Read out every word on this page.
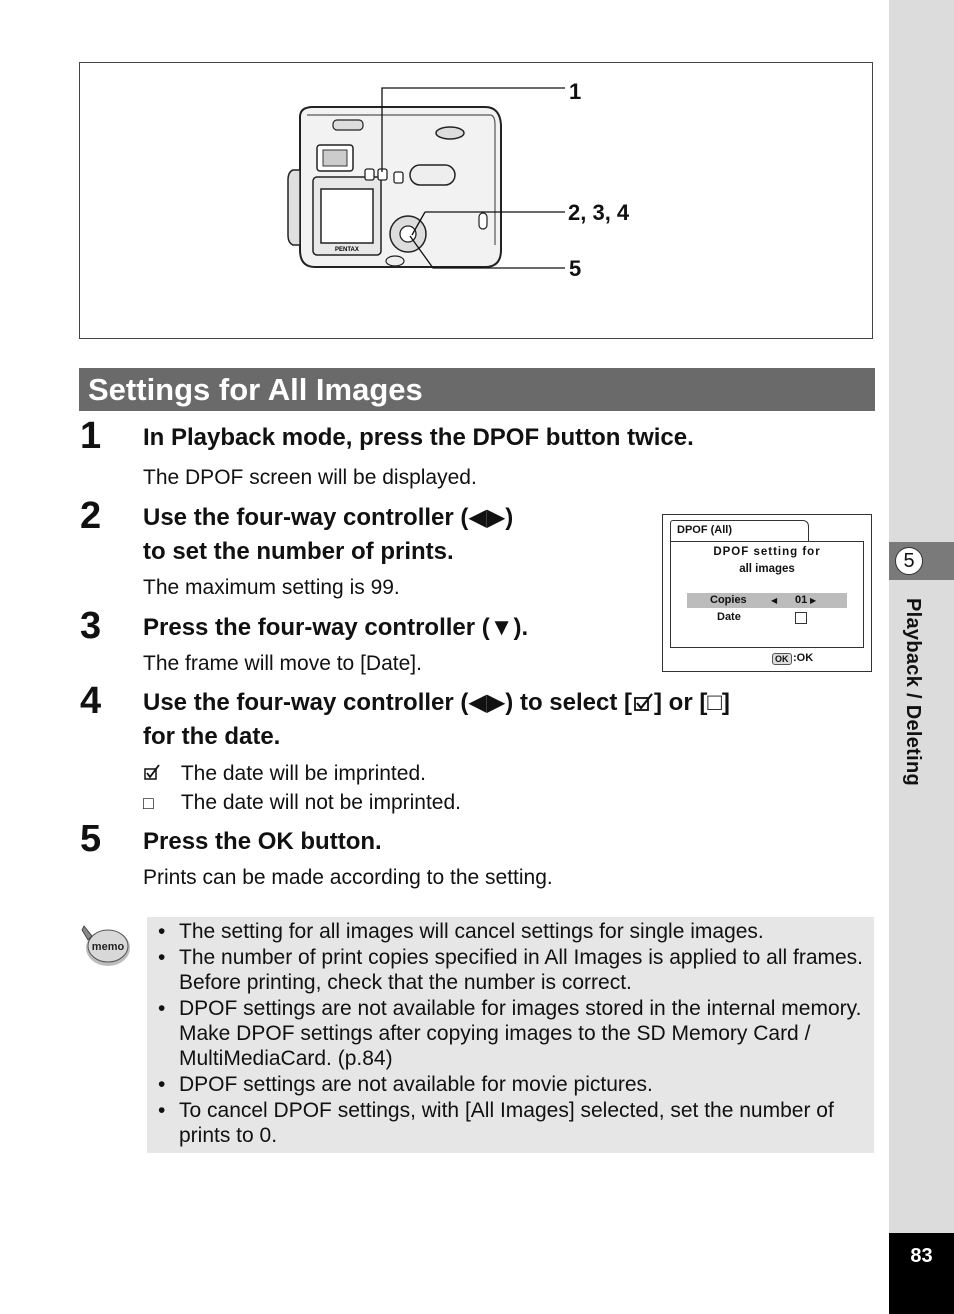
5
Playback / Deleting
83
PENTAX
1
2, 3, 4
5
Settings for All Images
1 In Playback mode, press the DPOF button twice.
The DPOF screen will be displayed.
2 Use the four-way controller (◀▶)
to set the number of prints.
The maximum setting is 99.
3 Press the four-way controller (▼).
The frame will move to [Date].
4 Use the four-way controller (◀▶) to select [ ] or [□]
for the date.
The date will be imprinted.
□ The date will not be imprinted.
5 Press the OK button.
Prints can be made according to the setting.
DPOF (All)
DPOF setting for
all images
Copies	◀ 01 ▶
Date
OK :OK
memo
• The setting for all images will cancel settings for single images.
• The number of print copies specified in All Images is applied to all frames. Before printing, check that the number is correct.
• DPOF settings are not available for images stored in the internal memory. Make DPOF settings after copying images to the SD Memory Card / MultiMediaCard. (p.84)
• DPOF settings are not available for movie pictures.
• To cancel DPOF settings, with [All Images] selected, set the number of prints to 0.
